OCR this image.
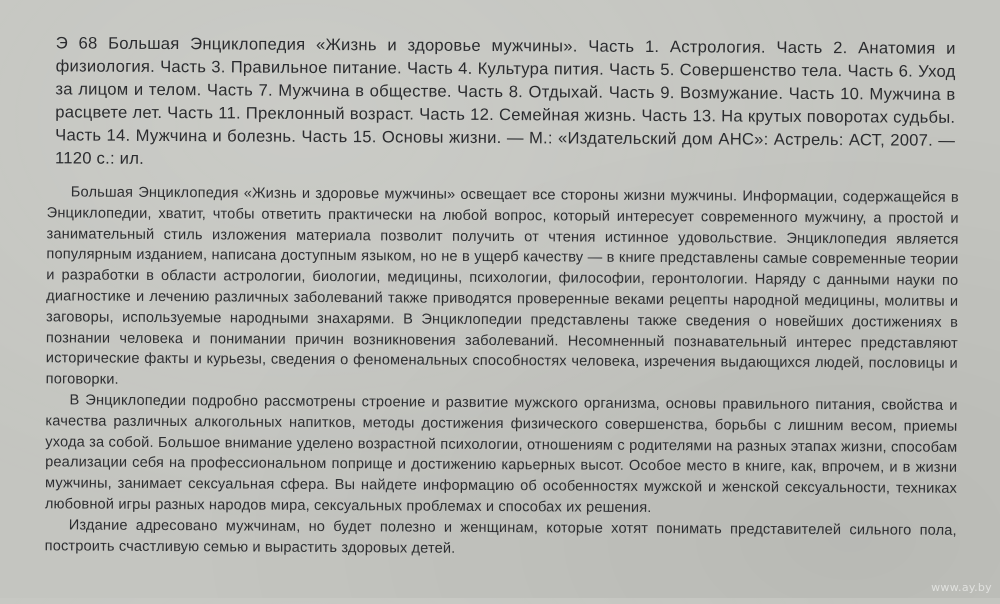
Э 68 Большая Энциклопедия «Жизнь и здоровье мужчины». Часть 1. Астрология. Часть 2. Анатомия и физиология. Часть 3. Правильное питание. Часть 4. Культура пития. Часть 5. Совершенство тела. Часть 6. Уход за лицом и телом. Часть 7. Мужчина в обществе. Часть 8. Отдыхай. Часть 9. Возмужание. Часть 10. Мужчина в расцвете лет. Часть 11. Преклонный возраст. Часть 12. Семейная жизнь. Часть 13. На крутых поворотах судьбы. Часть 14. Мужчина и болезнь. Часть 15. Основы жизни. — М.: «Издательский дом АНС»: Астрель: АСТ, 2007. — 1120 с.: ил.

Большая Энциклопедия «Жизнь и здоровье мужчины» освещает все стороны жизни мужчины. Информации, содержащейся в Энциклопедии, хватит, чтобы ответить практически на любой вопрос, который интересует современного мужчину, а простой и занимательный стиль изложения материала позволит получить от чтения истинное удовольствие. Энциклопедия является популярным изданием, написана доступным языком, но не в ущерб качеству — в книге представлены самые современные теории и разработки в области астрологии, биологии, медицины, психологии, философии, геронтологии. Наряду с данными науки по диагностике и лечению различных заболеваний также приводятся проверенные веками рецепты народной медицины, молитвы и заговоры, используемые народными знахарями. В Энциклопедии представлены также сведения о новейших достижениях в познании человека и понимании причин возникновения заболеваний. Несомненный познавательный интерес представляют исторические факты и курьезы, сведения о феноменальных способностях человека, изречения выдающихся людей, пословицы и поговорки.

В Энциклопедии подробно рассмотрены строение и развитие мужского организма, основы правильного питания, свойства и качества различных алкогольных напитков, методы достижения физического совершенства, борьбы с лишним весом, приемы ухода за собой. Большое внимание уделено возрастной психологии, отношениям с родителями на разных этапах жизни, способам реализации себя на профессиональном поприще и достижению карьерных высот. Особое место в книге, как, впрочем, и в жизни мужчины, занимает сексуальная сфера. Вы найдете информацию об особенностях мужской и женской сексуальности, техниках любовной игры разных народов мира, сексуальных проблемах и способах их решения.

Издание адресовано мужчинам, но будет полезно и женщинам, которые хотят понимать представителей сильного пола, построить счастливую семью и вырастить здоровых детей.

www.ay.by
